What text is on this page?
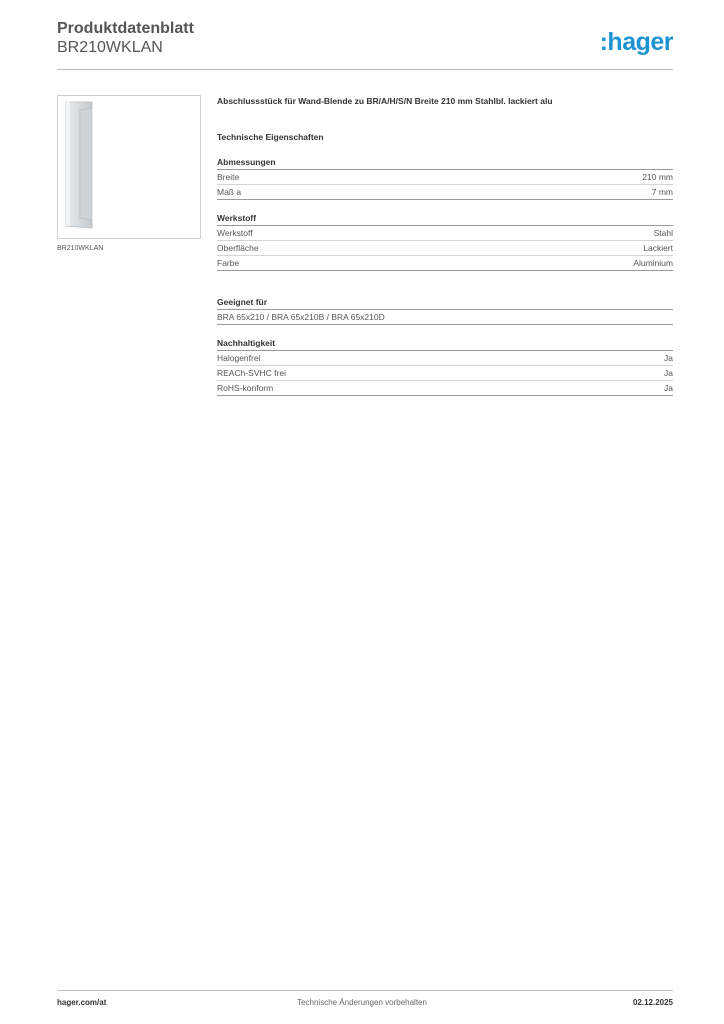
Produktdatenblatt
BR210WKLAN	:hager
BR210WKLAN

Abschlussstück für Wand-Blende zu BR/A/H/S/N Breite 210 mm Stahlbl. lackiert alu

Technische Eigenschaften

Abmessungen

Breite	210 mm
Maß a	7 mm

Werkstoff

Werkstoff	Stahl
Oberfläche	Lackiert
Farbe	Aluminium

Geeignet für

BRA 65x210 / BRA 65x210B / BRA 65x210D

Nachhaltigkeit

Halogenfrei	Ja
REACh-SVHC frei	Ja
RoHS-konform	Ja
hager.com/at	Technische Änderungen vorbehalten	02.12.2025
